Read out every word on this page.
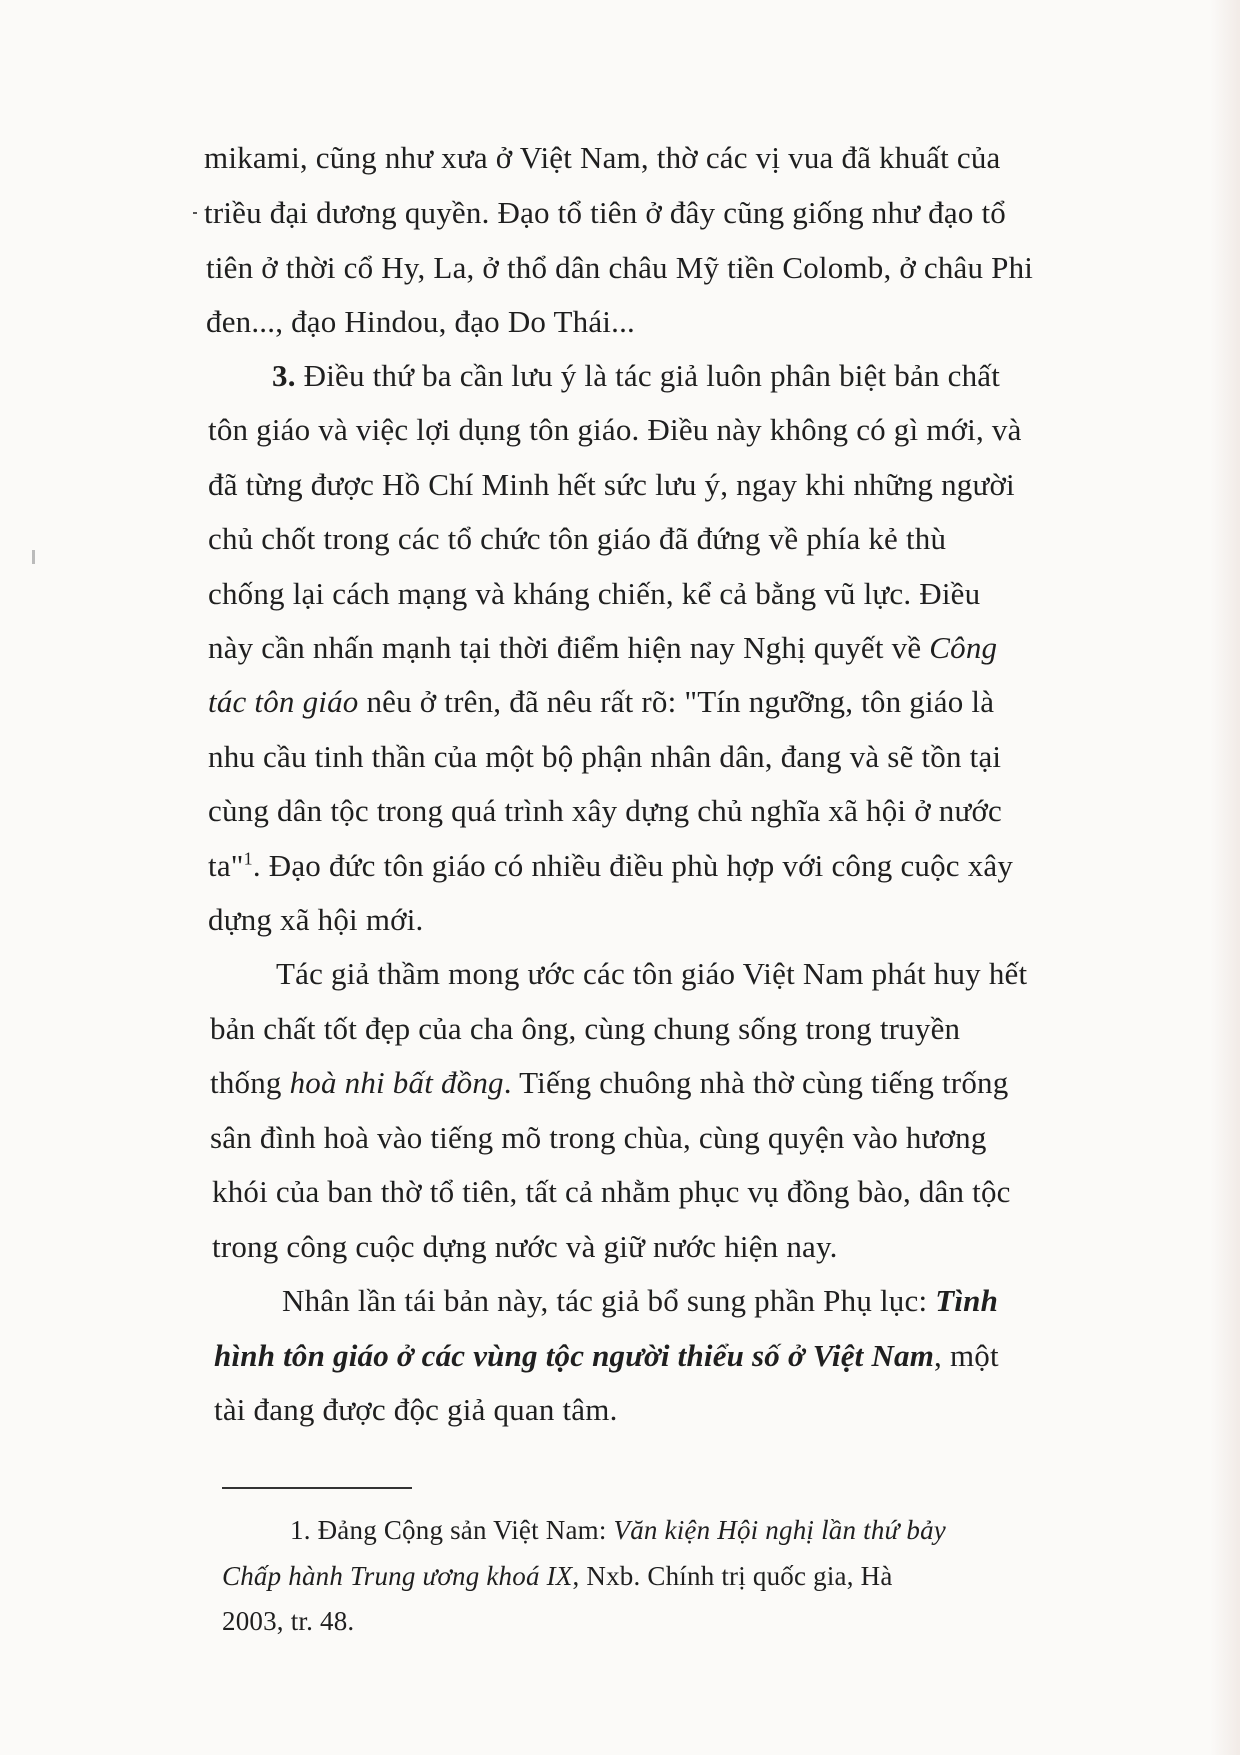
mikami, cũng như xưa ở Việt Nam, thờ các vị vua đã khuất của
triều đại dương quyền. Đạo tổ tiên ở đây cũng giống như đạo tổ
tiên ở thời cổ Hy, La, ở thổ dân châu Mỹ tiền Colomb, ở châu Phi
đen..., đạo Hindou, đạo Do Thái...
3. Điều thứ ba cần lưu ý là tác giả luôn phân biệt bản chất
tôn giáo và việc lợi dụng tôn giáo. Điều này không có gì mới, và
đã từng được Hồ Chí Minh hết sức lưu ý, ngay khi những người
chủ chốt trong các tổ chức tôn giáo đã đứng về phía kẻ thù
chống lại cách mạng và kháng chiến, kể cả bằng vũ lực. Điều
này cần nhấn mạnh tại thời điểm hiện nay Nghị quyết về Công
tác tôn giáo nêu ở trên, đã nêu rất rõ: "Tín ngưỡng, tôn giáo là
nhu cầu tinh thần của một bộ phận nhân dân, đang và sẽ tồn tại
cùng dân tộc trong quá trình xây dựng chủ nghĩa xã hội ở nước
ta"$^1$. Đạo đức tôn giáo có nhiều điều phù hợp với công cuộc xây
dựng xã hội mới.
Tác giả thầm mong ước các tôn giáo Việt Nam phát huy hết
bản chất tốt đẹp của cha ông, cùng chung sống trong truyền
thống hoà nhi bất đồng. Tiếng chuông nhà thờ cùng tiếng trống
sân đình hoà vào tiếng mõ trong chùa, cùng quyện vào hương
khói của ban thờ tổ tiên, tất cả nhằm phục vụ đồng bào, dân tộc
trong công cuộc dựng nước và giữ nước hiện nay.
Nhân lần tái bản này, tác giả bổ sung phần Phụ lục: Tình
hình tôn giáo ở các vùng tộc người thiểu số ở Việt Nam, một
tài đang được độc giả quan tâm.
1. Đảng Cộng sản Việt Nam: Văn kiện Hội nghị lần thứ bảy
Chấp hành Trung ương khoá IX, Nxb. Chính trị quốc gia, Hà
2003, tr. 48.
